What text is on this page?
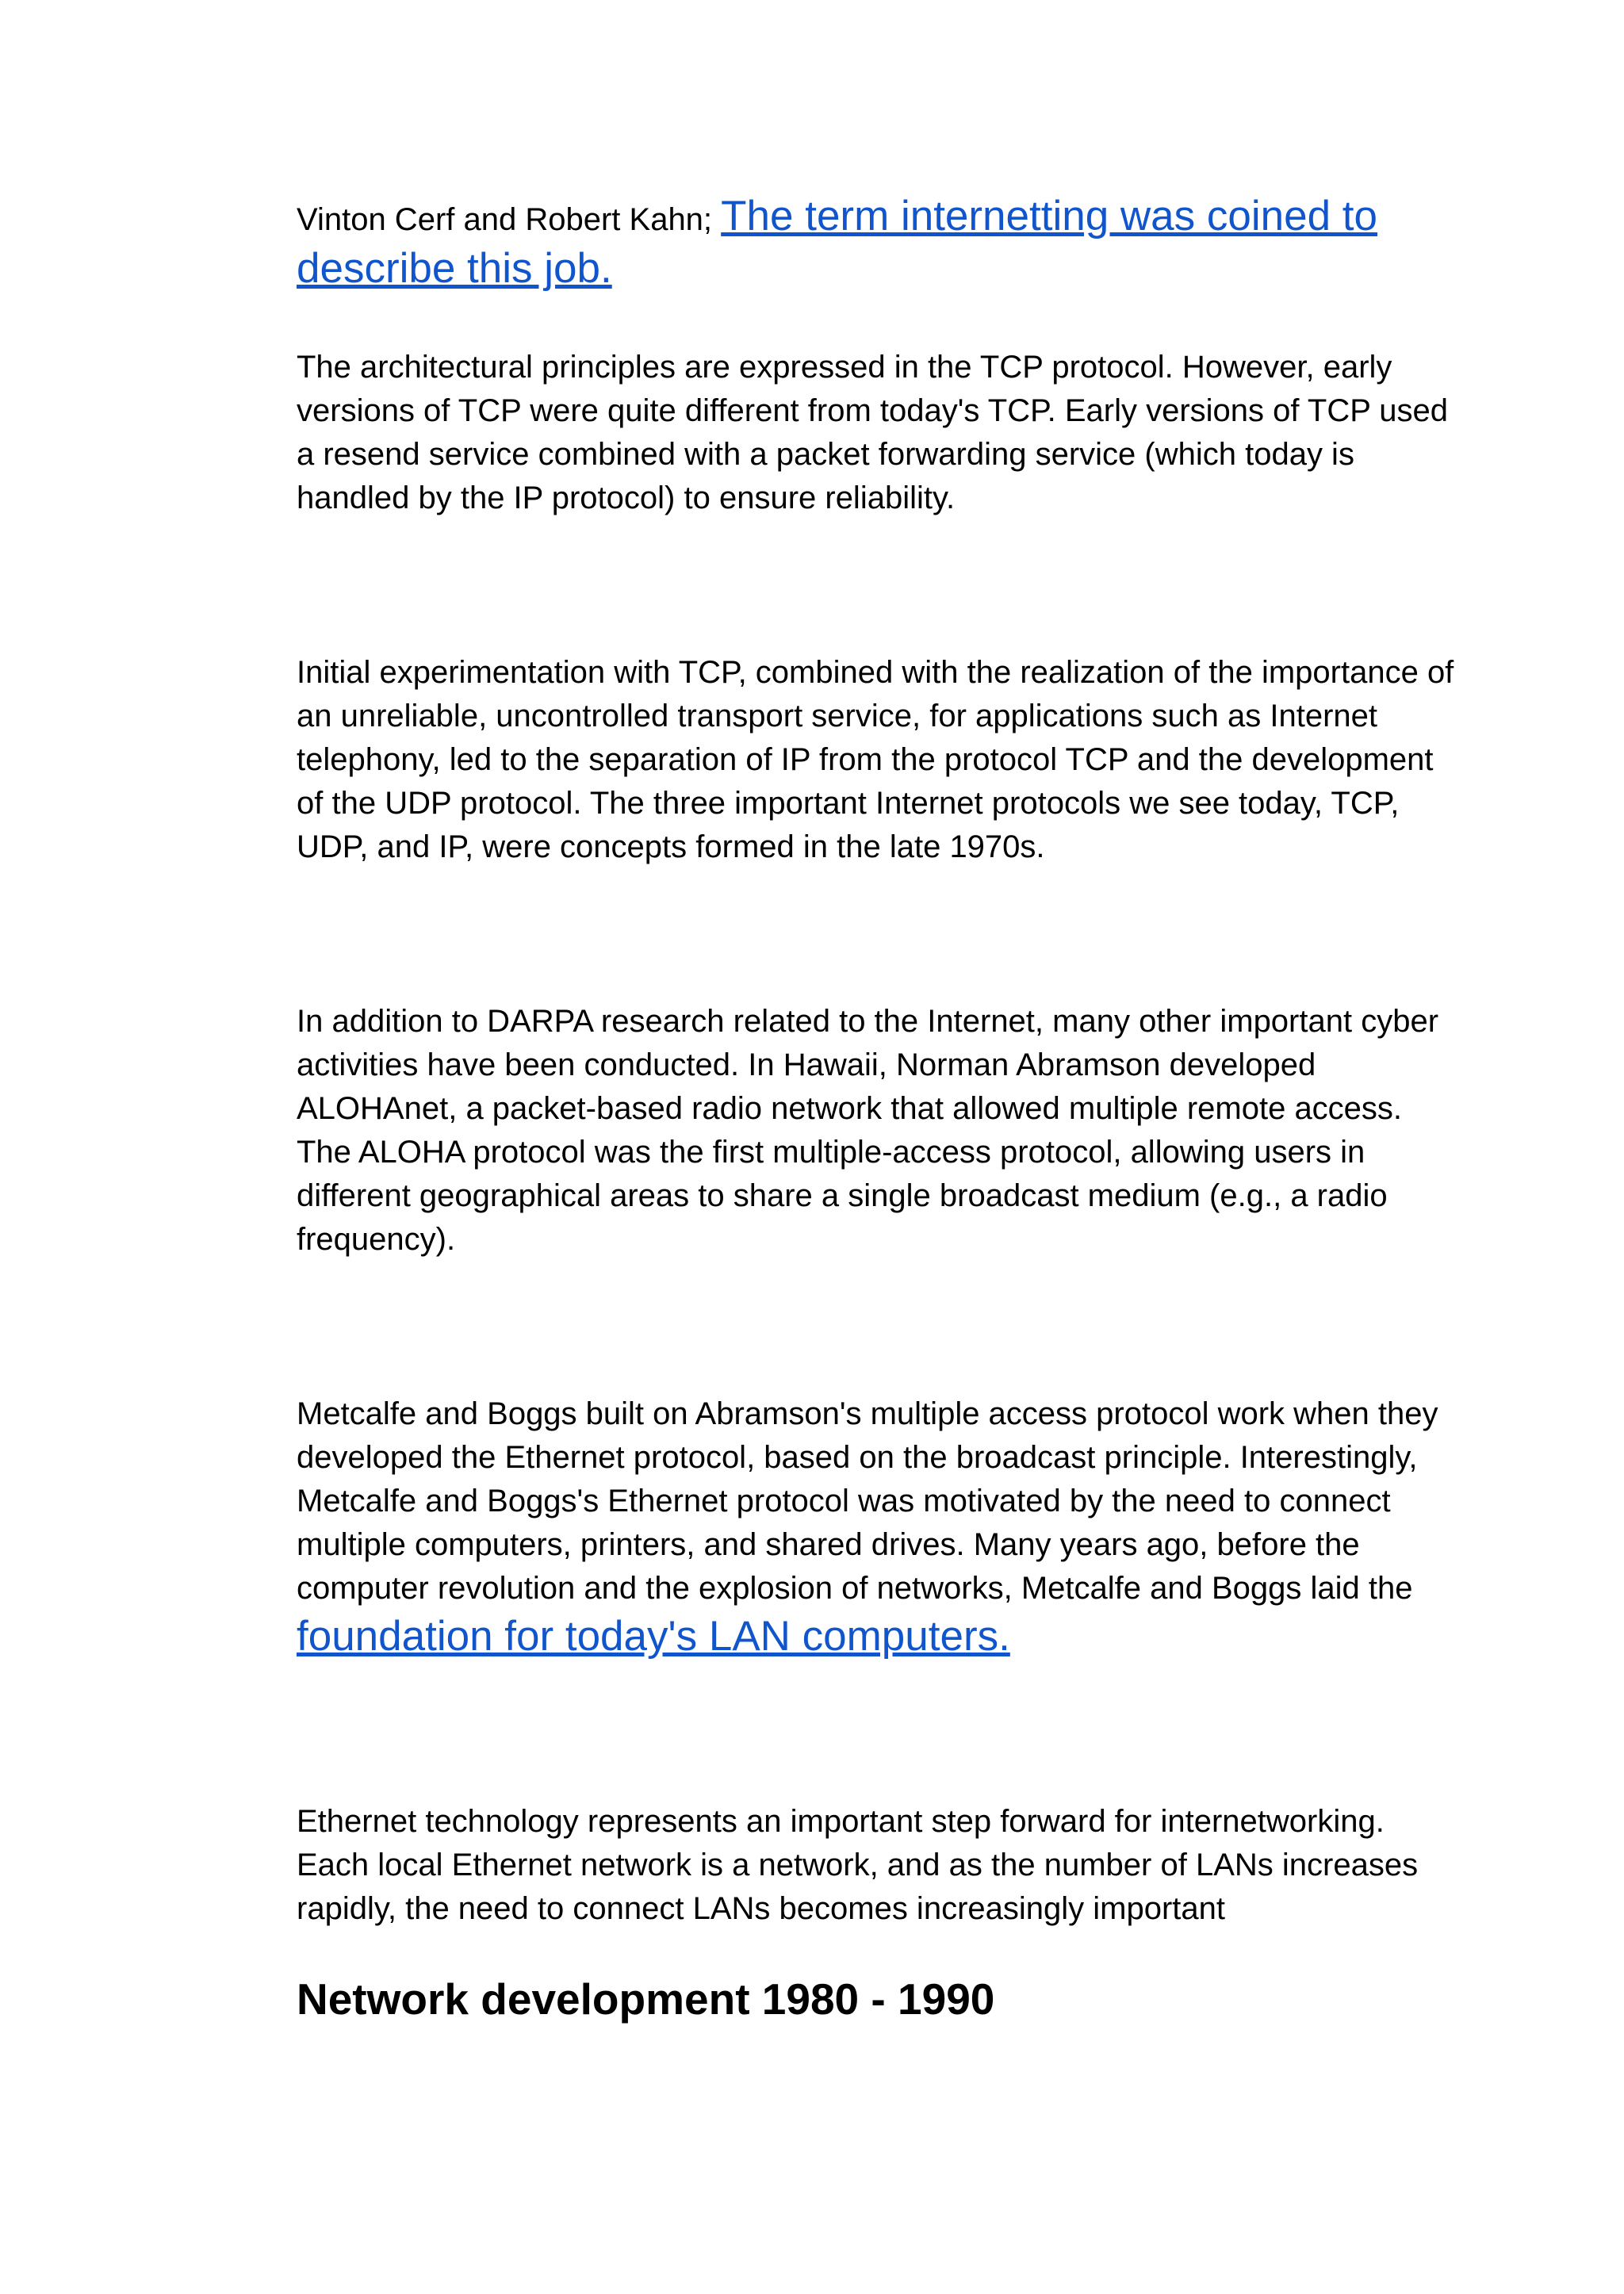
Vinton Cerf and Robert Kahn; The term internetting was coined to describe this job.

The architectural principles are expressed in the TCP protocol. However, early versions of TCP were quite different from today's TCP. Early versions of TCP used a resend service combined with a packet forwarding service (which today is handled by the IP protocol) to ensure reliability.

Initial experimentation with TCP, combined with the realization of the importance of an unreliable, uncontrolled transport service, for applications such as Internet telephony, led to the separation of IP from the protocol TCP and the development of the UDP protocol. The three important Internet protocols we see today, TCP, UDP, and IP, were concepts formed in the late 1970s.

In addition to DARPA research related to the Internet, many other important cyber activities have been conducted. In Hawaii, Norman Abramson developed ALOHAnet, a packet-based radio network that allowed multiple remote access. The ALOHA protocol was the first multiple-access protocol, allowing users in different geographical areas to share a single broadcast medium (e.g., a radio frequency).

Metcalfe and Boggs built on Abramson's multiple access protocol work when they developed the Ethernet protocol, based on the broadcast principle. Interestingly, Metcalfe and Boggs's Ethernet protocol was motivated by the need to connect multiple computers, printers, and shared drives. Many years ago, before the computer revolution and the explosion of networks, Metcalfe and Boggs laid the foundation for today's LAN computers.

Ethernet technology represents an important step forward for internetworking. Each local Ethernet network is a network, and as the number of LANs increases rapidly, the need to connect LANs becomes increasingly important

Network development 1980 - 1990
